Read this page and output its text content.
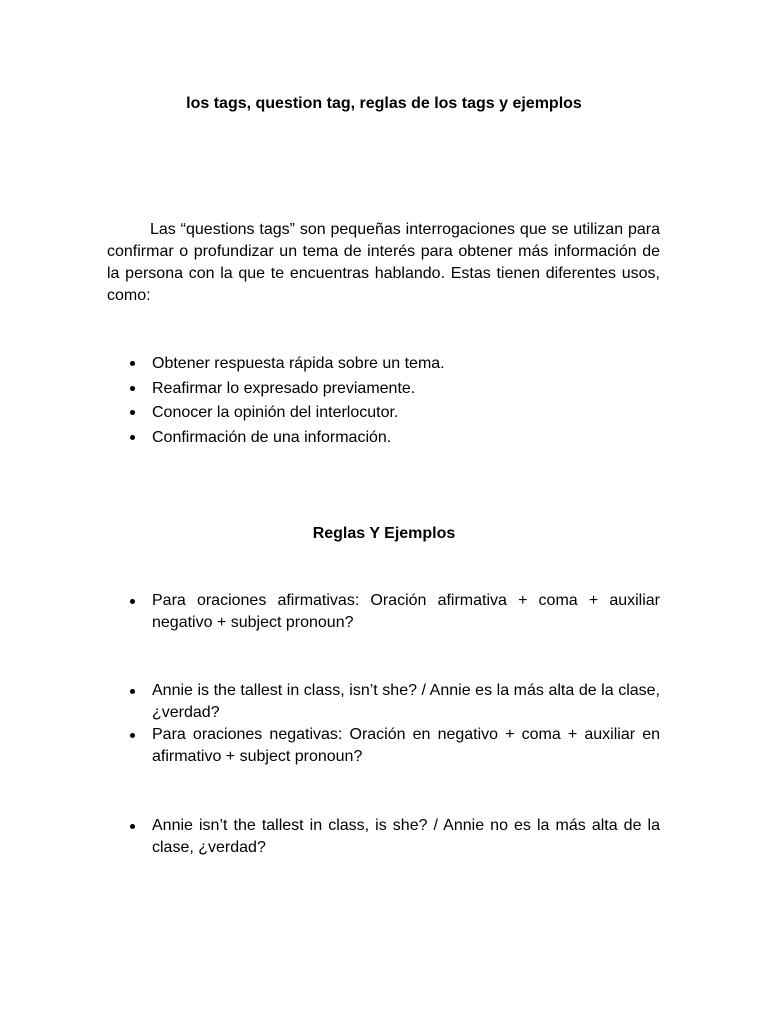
los tags, question tag, reglas de los tags y ejemplos

Las “questions tags” son pequeñas interrogaciones que se utilizan para confirmar o profundizar un tema de interés para obtener más información de la persona con la que te encuentras hablando. Estas tienen diferentes usos, como:

Obtener respuesta rápida sobre un tema.
Reafirmar lo expresado previamente.
Conocer la opinión del interlocutor.
Confirmación de una información.
Reglas Y Ejemplos
Para oraciones afirmativas: Oración afirmativa + coma + auxiliar negativo + subject pronoun?
Annie is the tallest in class, isn’t she? / Annie es la más alta de la clase, ¿verdad?
Para oraciones negativas: Oración en negativo + coma + auxiliar en afirmativo + subject pronoun?
Annie isn’t the tallest in class, is she? / Annie no es la más alta de la clase, ¿verdad?
